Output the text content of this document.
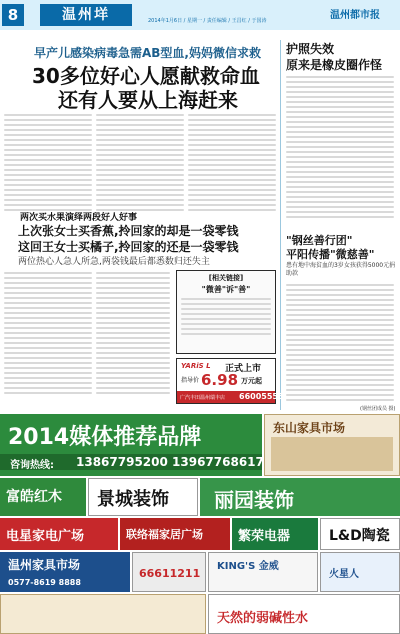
8	温州垟	2014年1月6日 / 星期一 / 责任编辑 / 王昌红 / 于国涛	温州都市报
早产儿感染病毒急需AB型血,妈妈微信求救
30多位好心人愿献救命血
还有人要从上海赶来
护照失效
原来是橡皮圈作怪
两次买水果演绎两段好人好事
上次张女士买香蕉,拎回家的却是一袋零钱
这回王女士买橘子,拎回家的还是一袋零钱
两位热心人急人所急,两袋钱最后都悉数归还失主
[相关链接]
"微善"诉"善"
YARiS L 正式上市
指导价 6.98 万元起
广汽丰田温州瑞丰店 66005555
"钢丝善行团"
平阳传播"微慈善"
患有地中海贫血的3岁女孩获得5000元捐助款
(钢丝团成员 摄)
2014媒体推荐品牌
咨询热线: 13867795200 13967768617
东山家具市场
富皓红木 景城装饰 丽园装饰
电星家电广场	联络福家居广场	繁荣电器	L&D陶瓷
温州家具市场
0577-8619 8888
66611211
KING'S 金威
火星人
天然的弱碱性水
